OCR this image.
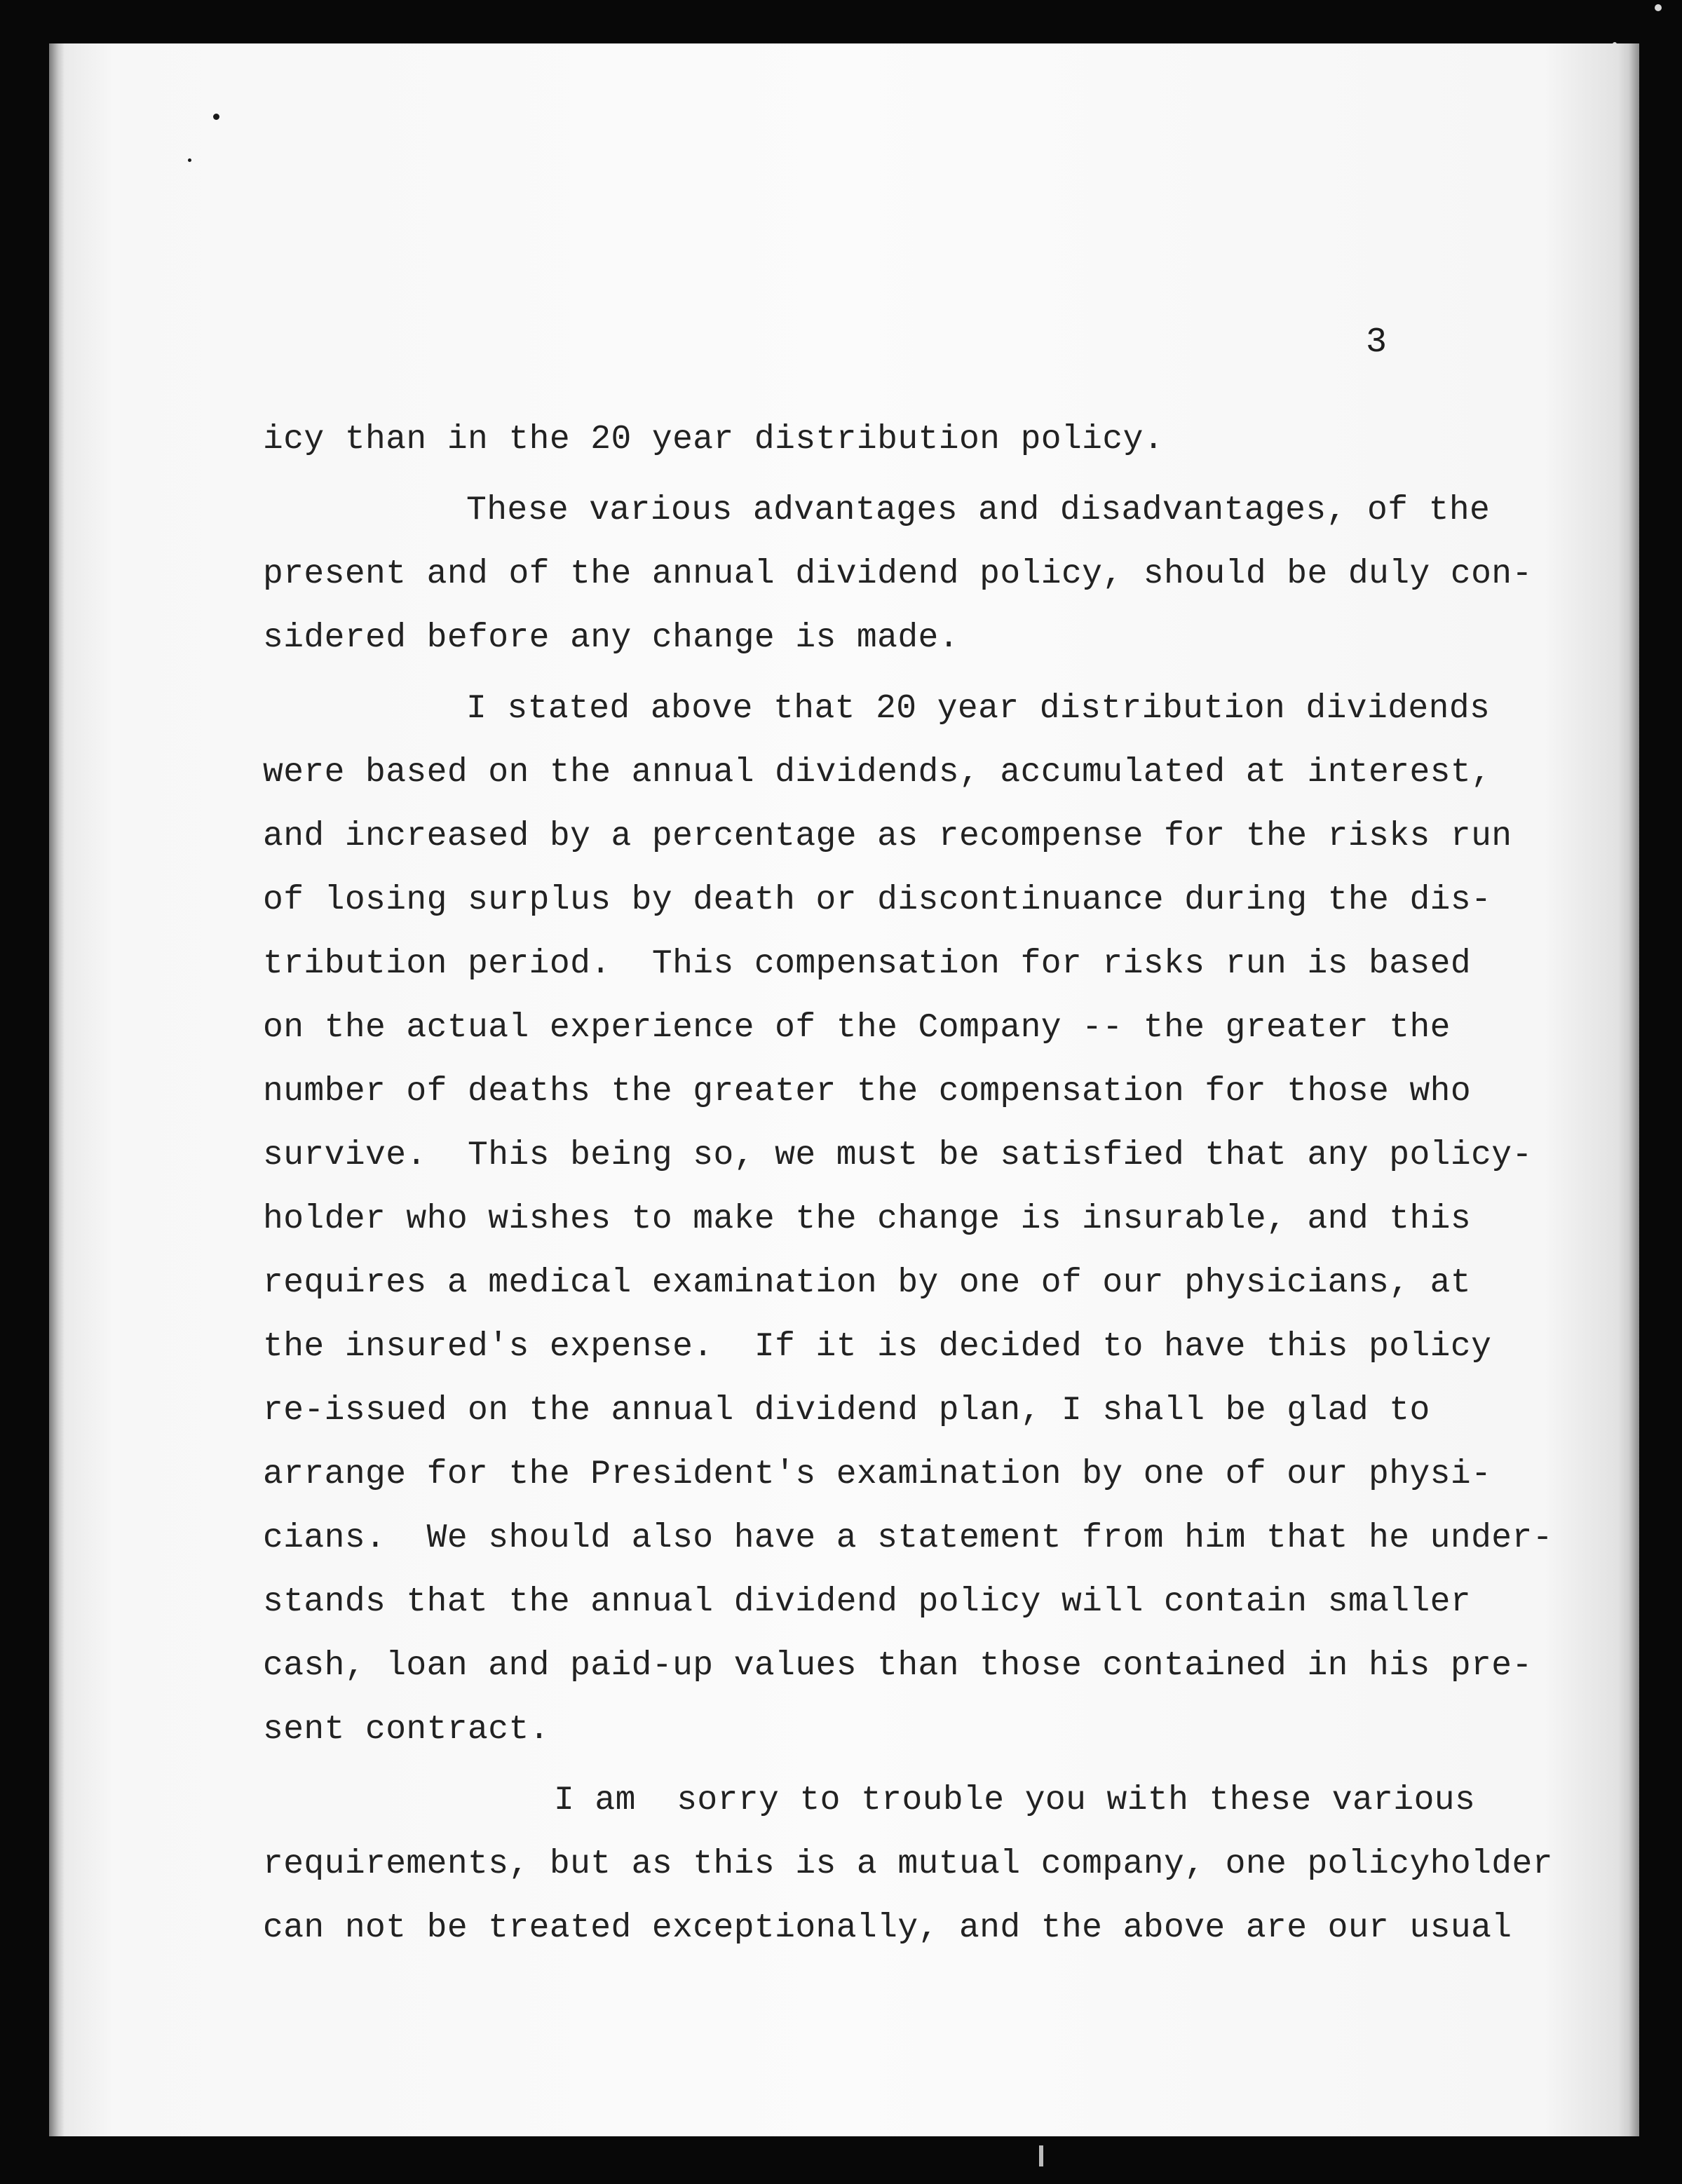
3

icy than in the 20 year distribution policy.
These various advantages and disadvantages, of the
present and of the annual dividend policy, should be duly con-
sidered before any change is made.
I stated above that 20 year distribution dividends
were based on the annual dividends, accumulated at interest,
and increased by a percentage as recompense for the risks run
of losing surplus by death or discontinuance during the dis-
tribution period.  This compensation for risks run is based
on the actual experience of the Company -- the greater the
number of deaths the greater the compensation for those who
survive.  This being so, we must be satisfied that any policy-
holder who wishes to make the change is insurable, and this
requires a medical examination by one of our physicians, at
the insured's expense.  If it is decided to have this policy
re-issued on the annual dividend plan, I shall be glad to
arrange for the President's examination by one of our physi-
cians.  We should also have a statement from him that he under-
stands that the annual dividend policy will contain smaller
cash, loan and paid-up values than those contained in his pre-
sent contract.
I am  sorry to trouble you with these various
requirements, but as this is a mutual company, one policyholder
can not be treated exceptionally, and the above are our usual
